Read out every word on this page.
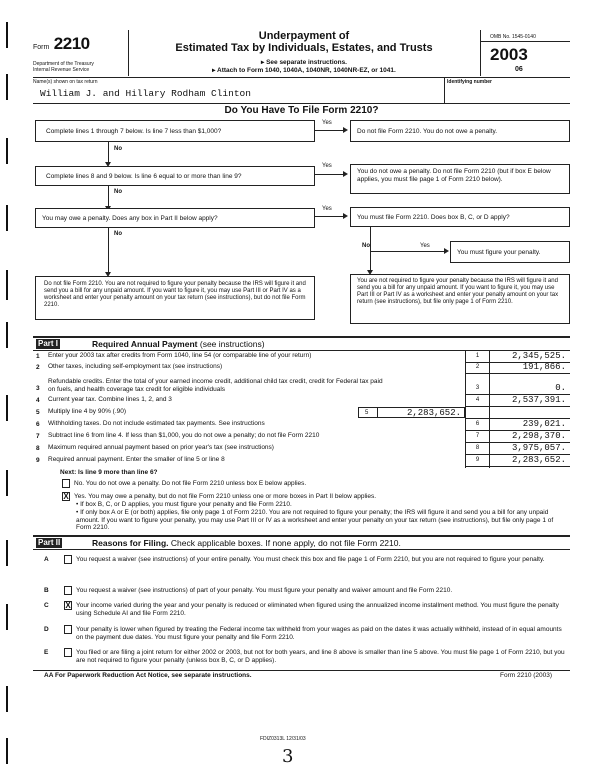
Form 2210
Department of the Treasury
Internal Revenue Service
Underpayment of
Estimated Tax by Individuals, Estates, and Trusts
▸ See separate instructions.
▸ Attach to Form 1040, 1040A, 1040NR, 1040NR-EZ, or 1041.
OMB No. 1545-0140
2003
06
Name(s) shown on tax return	Identifying number
William J. and Hillary Rodham Clinton
Do You Have To File Form 2210?
Complete lines 1 through 7 below. Is line 7 less than $1,000?
Yes
Do not file Form 2210. You do not owe a penalty.
No
Complete lines 8 and 9 below. Is line 6 equal to or more than line 9?
Yes
You do not owe a penalty. Do not file Form 2210 (but if box E below applies, you must file page 1 of Form 2210 below).
No
You may owe a penalty. Does any box in Part II below apply?
Yes
You must file Form 2210. Does box B, C, or D apply?
No
No	Yes
You must figure your penalty.
Do not file Form 2210. You are not required to figure your penalty because the IRS will figure it and send you a bill for any unpaid amount. If you want to figure it, you may use Part III or Part IV as a worksheet and enter your penalty amount on your tax return (see instructions), but do not file Form 2210.
You are not required to figure your penalty because the IRS will figure it and send you a bill for any unpaid amount. If you want to figure it, you may use Part III or Part IV as a worksheet and enter your penalty amount on your tax return (see instructions), but file only page 1 of Form 2210.
Part I	Required Annual Payment (see instructions)
1 Enter your 2003 tax after credits from Form 1040, line 54 (or comparable line of your return)	1	2,345,525.
2 Other taxes, including self-employment tax (see instructions)	2	191,866.
3
Refundable credits. Enter the total of your earned income credit, additional child tax credit, credit for Federal tax paid on fuels, and health coverage tax credit for eligible individuals	3	0.
4 Current year tax. Combine lines 1, 2, and 3	4	2,537,391.
5 Multiply line 4 by 90% (.90)	5	2,283,652.
6 Withholding taxes. Do not include estimated tax payments. See instructions	6	239,021.
7 Subtract line 6 from line 4. If less than $1,000, you do not owe a penalty; do not file Form 2210	7	2,298,370.
8 Maximum required annual payment based on prior year's tax (see instructions)	8	3,975,057.
9 Required annual payment. Enter the smaller of line 5 or line 8	9	2,283,652.
Next: Is line 9 more than line 6?
No. You do not owe a penalty. Do not file Form 2210 unless box E below applies.
X Yes. You may owe a penalty, but do not file Form 2210 unless one or more boxes in Part II below applies.
• If box B, C, or D applies, you must figure your penalty and file Form 2210.
• If only box A or E (or both) applies, file only page 1 of Form 2210. You are not required to figure your penalty; the IRS will figure it and send you a bill for any unpaid amount. If you want to figure your penalty, you may use Part III or IV as a worksheet and enter your penalty on your tax return (see instructions), but file only page 1 of Form 2210.
Part II	Reasons for Filing. Check applicable boxes. If none apply, do not file Form 2210.
A	You request a waiver (see instructions) of your entire penalty. You must check this box and file page 1 of Form 2210, but you are not required to figure your penalty.
B	You request a waiver (see instructions) of part of your penalty. You must figure your penalty and waiver amount and file Form 2210.
C X Your income varied during the year and your penalty is reduced or eliminated when figured using the annualized income installment method. You must figure the penalty using Schedule AI and file Form 2210.
D	Your penalty is lower when figured by treating the Federal income tax withheld from your wages as paid on the dates it was actually withheld, instead of in equal amounts on the payment due dates. You must figure your penalty and file Form 2210.
E	You filed or are filing a joint return for either 2002 or 2003, but not for both years, and line 8 above is smaller than line 5 above. You must file page 1 of Form 2210, but you are not required to figure your penalty (unless box B, C, or D applies).
AA For Paperwork Reduction Act Notice, see separate instructions.	Form 2210 (2003)
FDIZ0313L 12/31/03
3
